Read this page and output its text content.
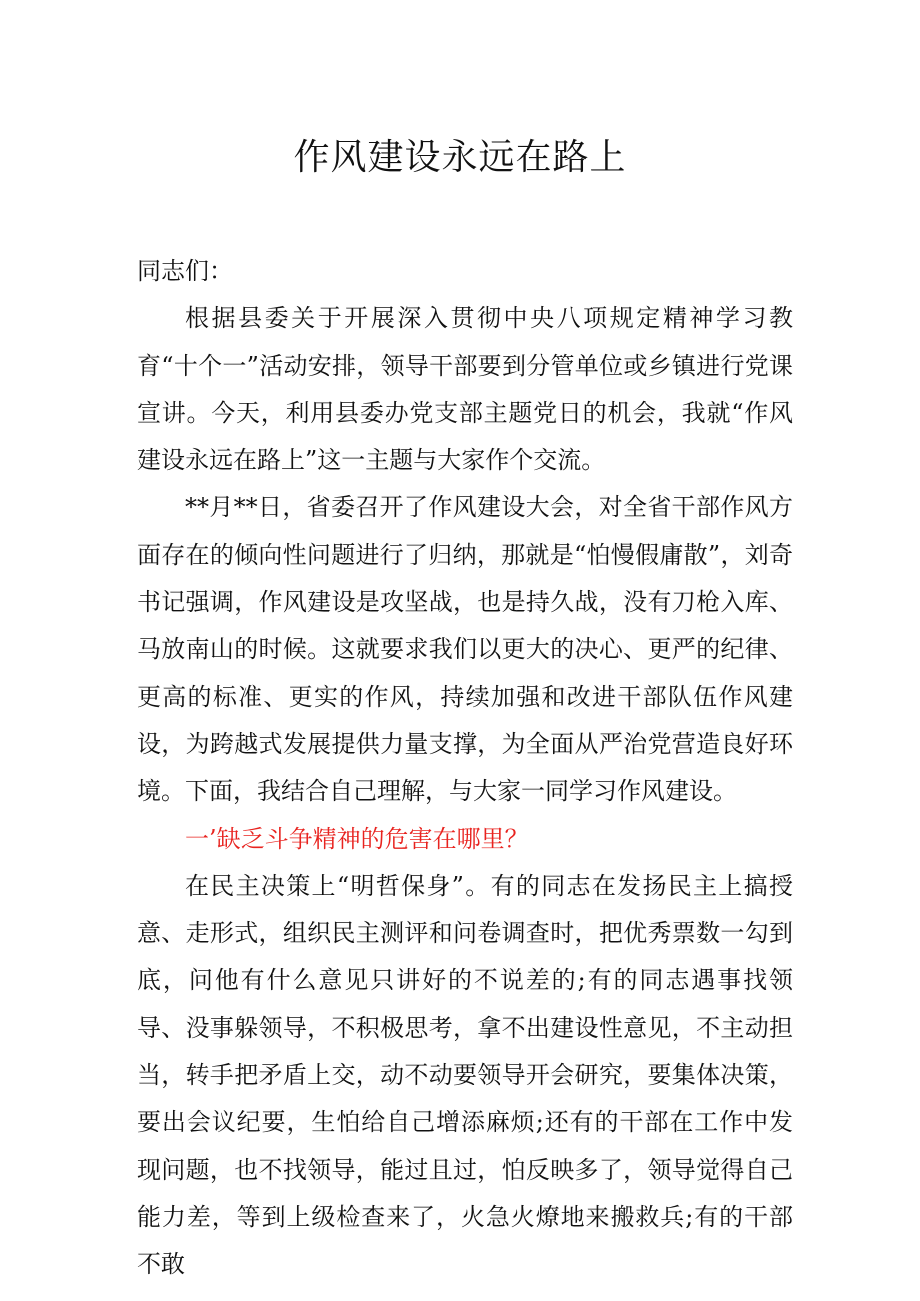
作风建设永远在路上

同志们：

根据县委关于开展深入贯彻中央八项规定精神学习教育“十个一”活动安排，领导干部要到分管单位或乡镇进行党课宣讲。今天，利用县委办党支部主题党日的机会，我就“作风建设永远在路上”这一主题与大家作个交流。

**月**日，省委召开了作风建设大会，对全省干部作风方面存在的倾向性问题进行了归纳，那就是“怕慢假庸散”，刘奇书记强调，作风建设是攻坚战，也是持久战，没有刀枪入库、马放南山的时候。这就要求我们以更大的决心、更严的纪律、更高的标准、更实的作风，持续加强和改进干部队伍作风建设，为跨越式发展提供力量支撑，为全面从严治党营造良好环境。下面，我结合自己理解，与大家一同学习作风建设。

一’缺乏斗争精神的危害在哪里？

在民主决策上“明哲保身”。有的同志在发扬民主上搞授意、走形式，组织民主测评和问卷调查时，把优秀票数一勾到底，问他有什么意见只讲好的不说差的;有的同志遇事找领导、没事躲领导，不积极思考，拿不出建设性意见，不主动担当，转手把矛盾上交，动不动要领导开会研究，要集体决策，要出会议纪要，生怕给自己增添麻烦;还有的干部在工作中发现问题，也不找领导，能过且过，怕反映多了，领导觉得自己能力差，等到上级检查来了，火急火燎地来搬救兵;有的干部不敢
